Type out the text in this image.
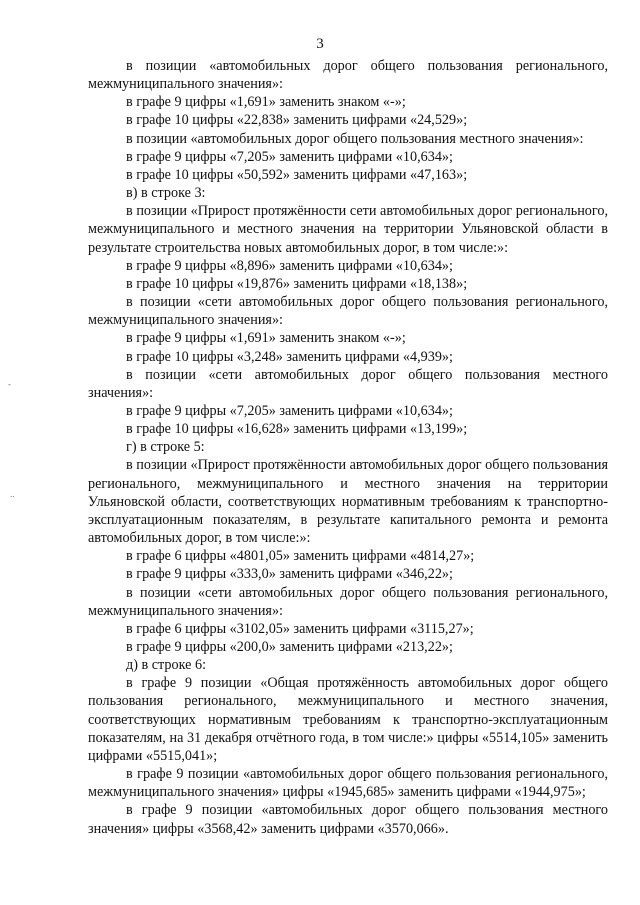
3
-
..

в позиции «автомобильных дорог общего пользования регионального, межмуниципального значения»:

в графе 9 цифры «1,691» заменить знаком «-»;

в графе 10 цифры «22,838» заменить цифрами «24,529»;

в позиции «автомобильных дорог общего пользования местного значения»:

в графе 9 цифры «7,205» заменить цифрами «10,634»;

в графе 10 цифры «50,592» заменить цифрами «47,163»;

в) в строке 3:

в позиции «Прирост протяжённости сети автомобильных дорог регионального, межмуниципального и местного значения на территории Ульяновской области в результате строительства новых автомобильных дорог, в том числе:»:

в графе 9 цифры «8,896» заменить цифрами «10,634»;

в графе 10 цифры «19,876» заменить цифрами «18,138»;

в позиции «сети автомобильных дорог общего пользования регионального, межмуниципального значения»:

в графе 9 цифры «1,691» заменить знаком «-»;

в графе 10 цифры «3,248» заменить цифрами «4,939»;

в позиции «сети автомобильных дорог общего пользования местного значения»:

в графе 9 цифры «7,205» заменить цифрами «10,634»;

в графе 10 цифры «16,628» заменить цифрами «13,199»;

г) в строке 5:

в позиции «Прирост протяжённости автомобильных дорог общего пользования регионального, межмуниципального и местного значения на территории Ульяновской области, соответствующих нормативным требованиям к транспортно-эксплуатационным показателям, в результате капитального ремонта и ремонта автомобильных дорог, в том числе:»:

в графе 6 цифры «4801,05» заменить цифрами «4814,27»;

в графе 9 цифры «333,0» заменить цифрами «346,22»;

в позиции «сети автомобильных дорог общего пользования регионального, межмуниципального значения»:

в графе 6 цифры «3102,05» заменить цифрами «3115,27»;

в графе 9 цифры «200,0» заменить цифрами «213,22»;

д) в строке 6:

в графе 9 позиции «Общая протяжённость автомобильных дорог общего пользования регионального, межмуниципального и местного значения, соответствующих нормативным требованиям к транспортно-эксплуатационным показателям, на 31 декабря отчётного года, в том числе:» цифры «5514,105» заменить цифрами «5515,041»;

в графе 9 позиции «автомобильных дорог общего пользования регионального, межмуниципального значения» цифры «1945,685» заменить цифрами «1944,975»;

в графе 9 позиции «автомобильных дорог общего пользования местного значения» цифры «3568,42» заменить цифрами «3570,066».
